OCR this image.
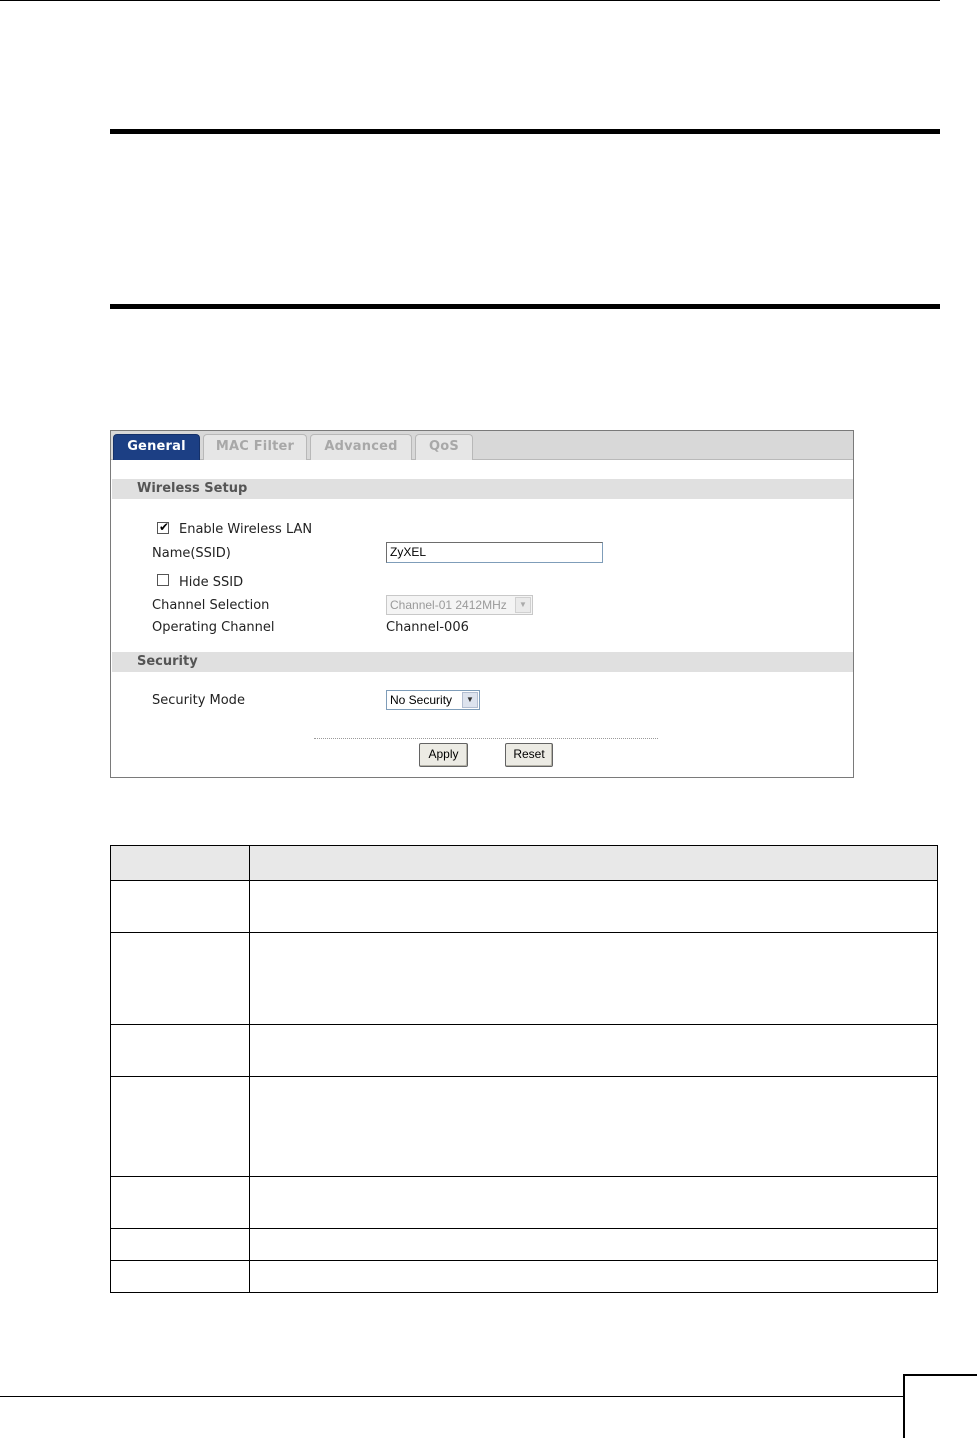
General	MAC Filter	Advanced	QoS
Wireless Setup
✔ Enable Wireless LAN
Name(SSID)	ZyXEL
Hide SSID
Channel Selection	Channel-01 2412MHz	▼
Operating Channel	Channel-006
Security
Security Mode	No Security	▼
Apply	Reset
